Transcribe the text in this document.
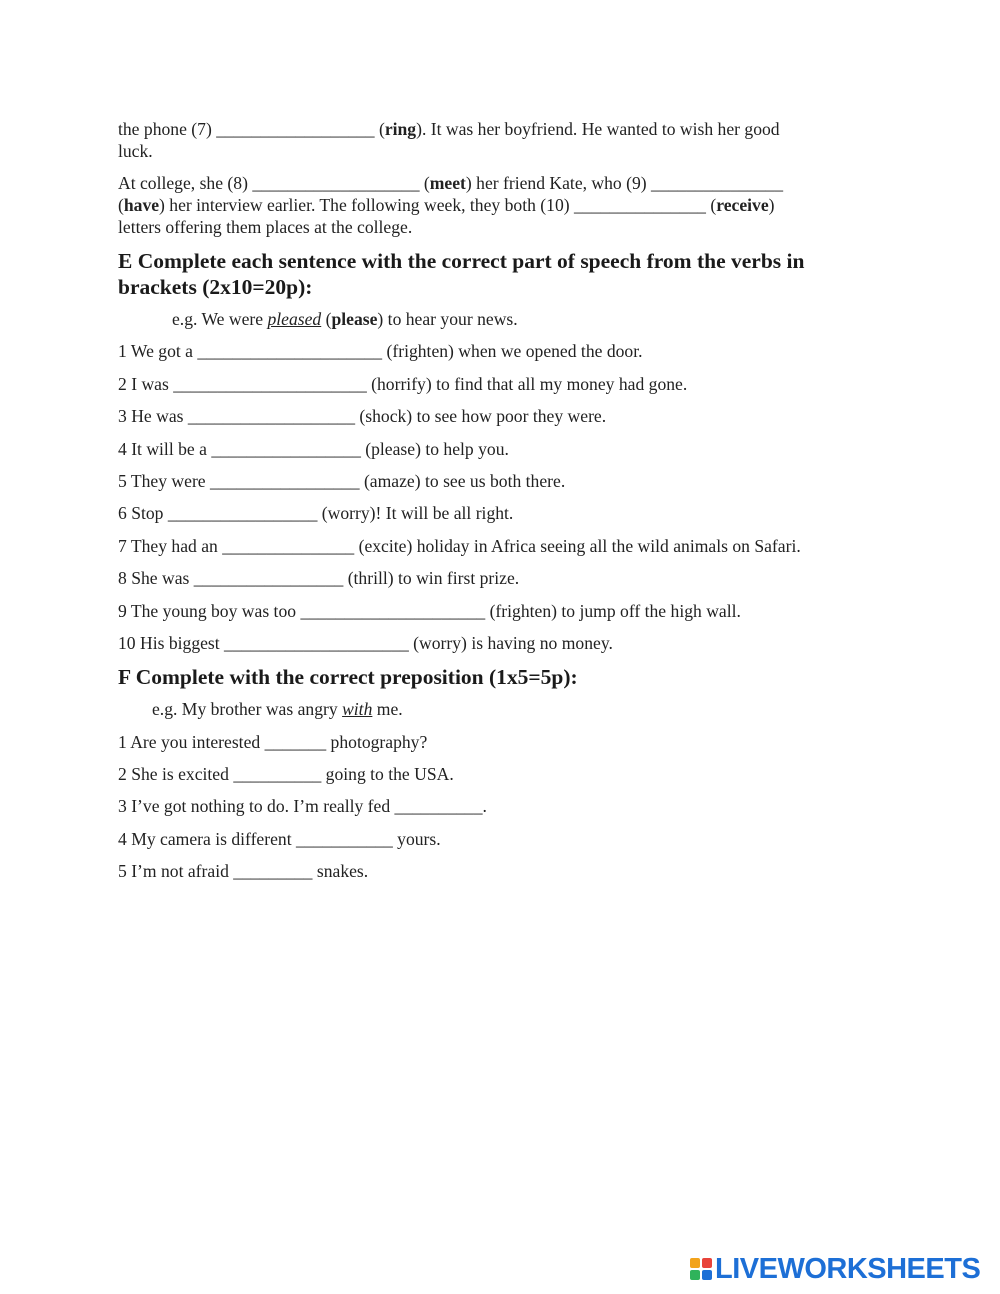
the phone (7) __________________ (ring). It was her boyfriend. He wanted to wish her good
luck.

At college, she (8) ___________________ (meet) her friend Kate, who (9) _______________
(have) her interview earlier. The following week, they both (10) _______________ (receive)
letters offering them places at the college.

E Complete each sentence with the correct part of speech from the verbs in
brackets (2x10=20p):

e.g. We were pleased (please) to hear your news.

1 We got a _____________________ (frighten) when we opened the door.

2 I was ______________________ (horrify) to find that all my money had gone.

3 He was ___________________ (shock) to see how poor they were.

4 It will be a _________________ (please) to help you.

5 They were _________________ (amaze) to see us both there.

6 Stop _________________ (worry)! It will be all right.

7 They had an _______________ (excite) holiday in Africa seeing all the wild animals on Safari.

8 She was _________________ (thrill) to win first prize.

9 The young boy was too _____________________ (frighten) to jump off the high wall.

10 His biggest _____________________ (worry) is having no money.

F Complete with the correct preposition (1x5=5p):

e.g. My brother was angry with me.

1 Are you interested _______ photography?

2 She is excited __________ going to the USA.

3 I’ve got nothing to do. I’m really fed __________.

4 My camera is different ___________ yours.

5 I’m not afraid _________ snakes.

LIVEWORKSHEETS
